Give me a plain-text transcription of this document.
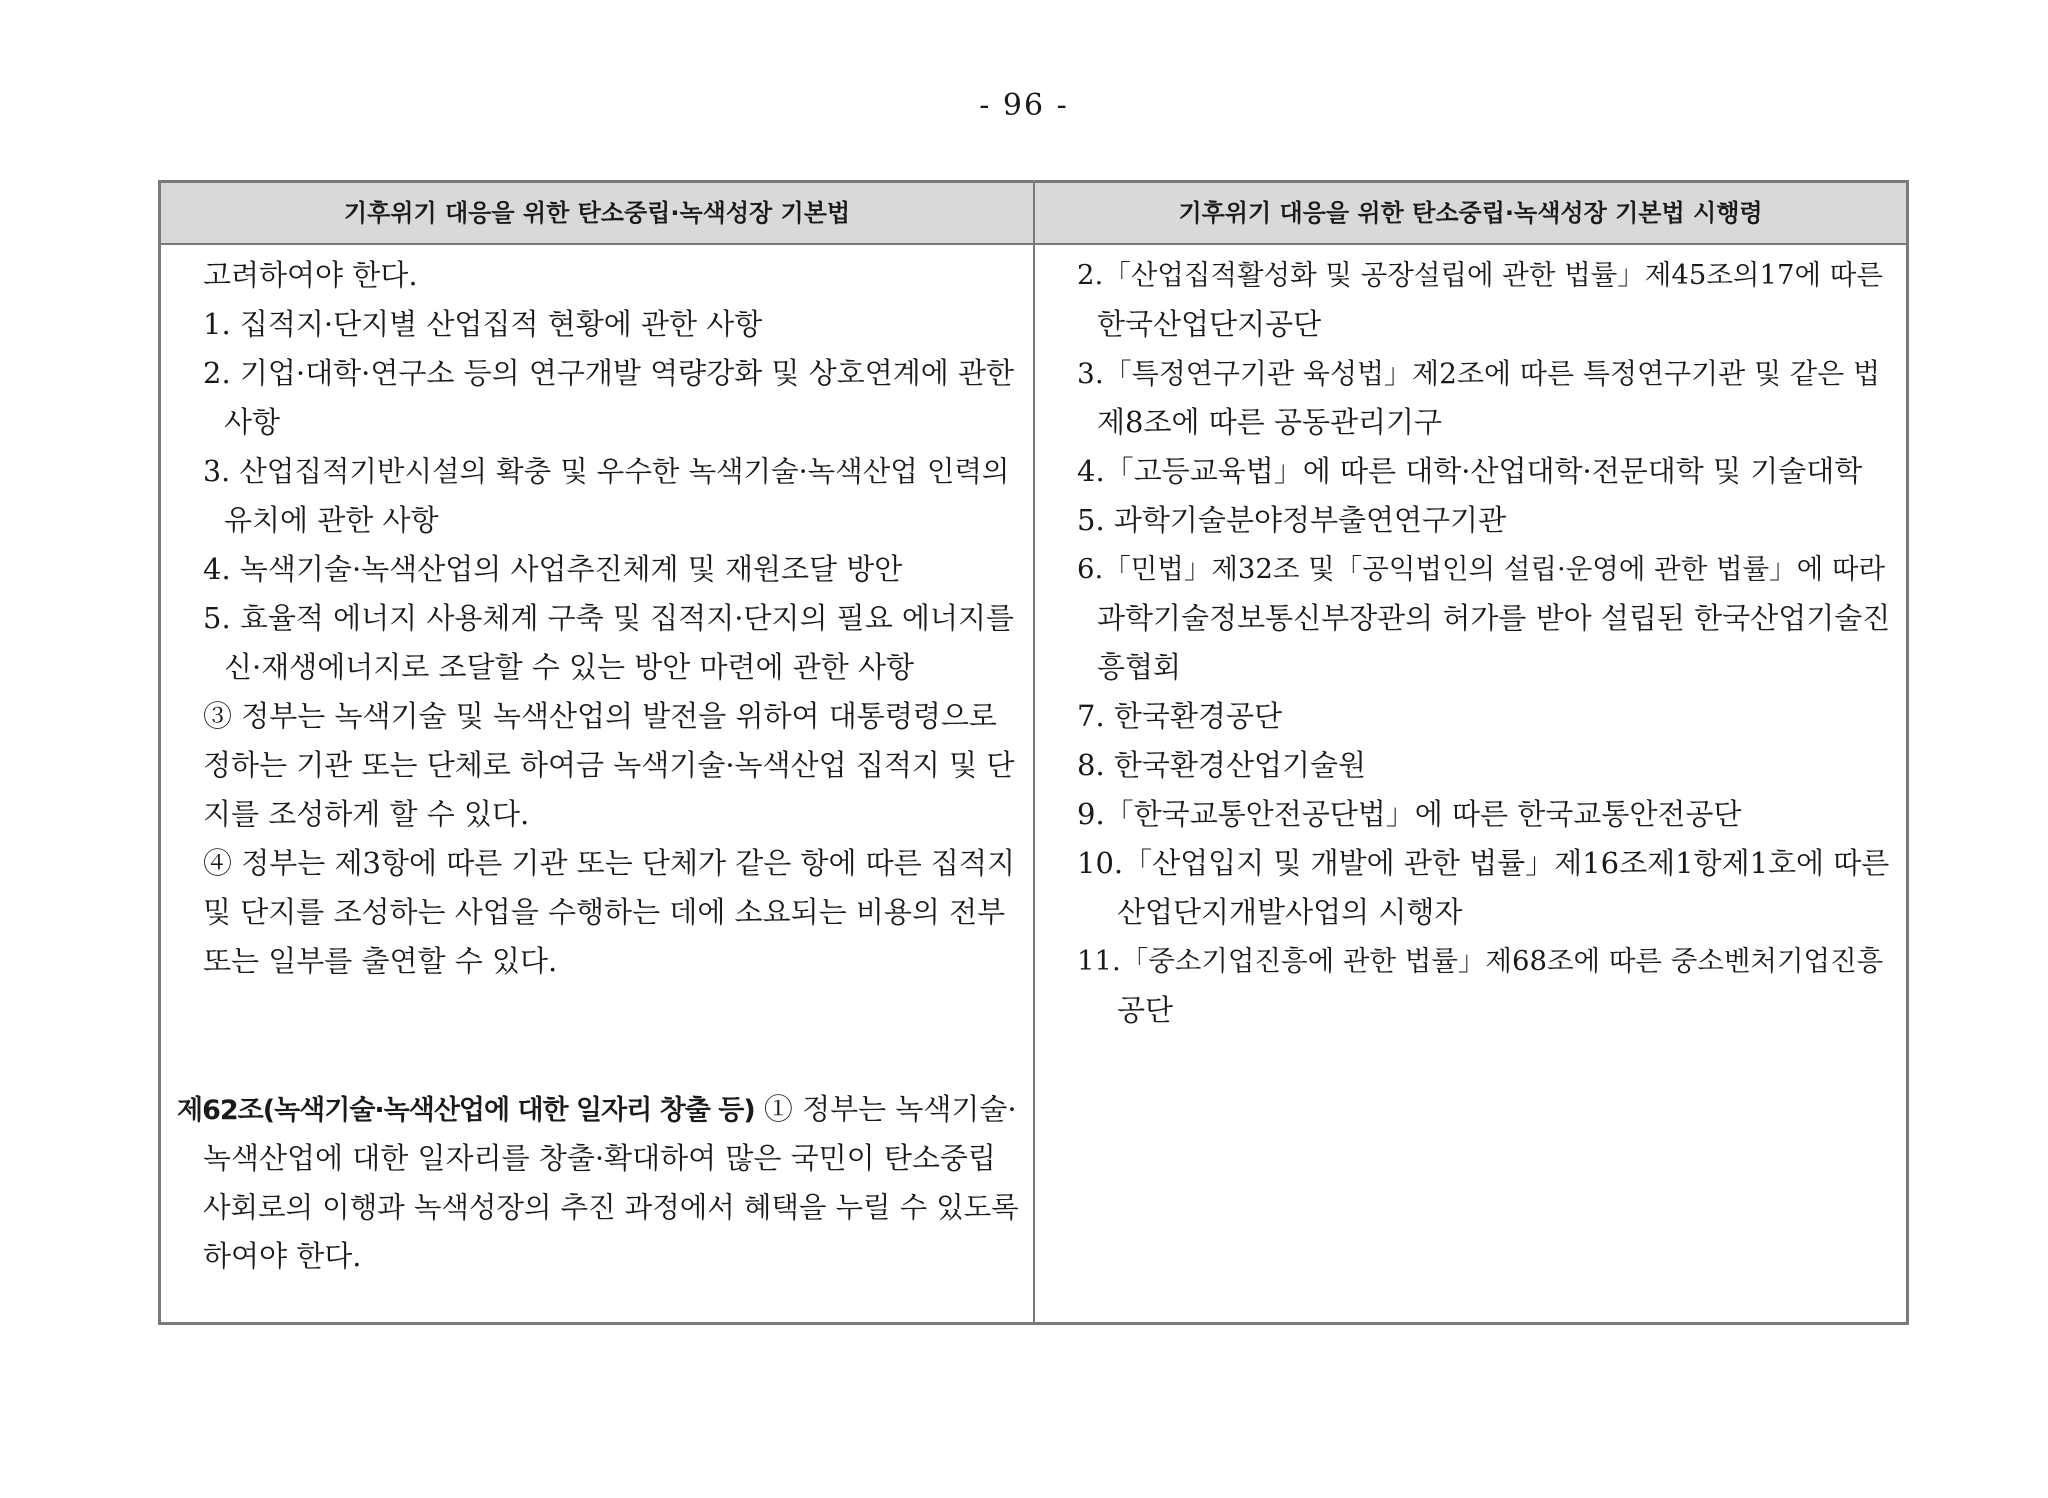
- 96 -
기후위기 대응을 위한 탄소중립·녹색성장 기본법	기후위기 대응을 위한 탄소중립·녹색성장 기본법 시행령
고려하여야 한다.
1. 집적지·단지별 산업집적 현황에 관한 사항
2. 기업·대학·연구소 등의 연구개발 역량강화 및 상호연계에 관한
사항
3. 산업집적기반시설의 확충 및 우수한 녹색기술·녹색산업 인력의
유치에 관한 사항
4. 녹색기술·녹색산업의 사업추진체계 및 재원조달 방안
5. 효율적 에너지 사용체계 구축 및 집적지·단지의 필요 에너지를
신·재생에너지로 조달할 수 있는 방안 마련에 관한 사항
③ 정부는 녹색기술 및 녹색산업의 발전을 위하여 대통령령으로
정하는 기관 또는 단체로 하여금 녹색기술·녹색산업 집적지 및 단
지를 조성하게 할 수 있다.
④ 정부는 제3항에 따른 기관 또는 단체가 같은 항에 따른 집적지
및 단지를 조성하는 사업을 수행하는 데에 소요되는 비용의 전부
또는 일부를 출연할 수 있다.
제62조(녹색기술·녹색산업에 대한 일자리 창출 등) ① 정부는 녹색기술·
녹색산업에 대한 일자리를 창출·확대하여 많은 국민이 탄소중립
사회로의 이행과 녹색성장의 추진 과정에서 혜택을 누릴 수 있도록
하여야 한다.
2.「산업집적활성화 및 공장설립에 관한 법률」제45조의17에 따른
한국산업단지공단
3.「특정연구기관 육성법」제2조에 따른 특정연구기관 및 같은 법
제8조에 따른 공동관리기구
4.「고등교육법」에 따른 대학·산업대학·전문대학 및 기술대학
5. 과학기술분야정부출연연구기관
6.「민법」제32조 및「공익법인의 설립·운영에 관한 법률」에 따라
과학기술정보통신부장관의 허가를 받아 설립된 한국산업기술진
흥협회
7. 한국환경공단
8. 한국환경산업기술원
9.「한국교통안전공단법」에 따른 한국교통안전공단
10.「산업입지 및 개발에 관한 법률」제16조제1항제1호에 따른
산업단지개발사업의 시행자
11.「중소기업진흥에 관한 법률」제68조에 따른 중소벤처기업진흥
공단
